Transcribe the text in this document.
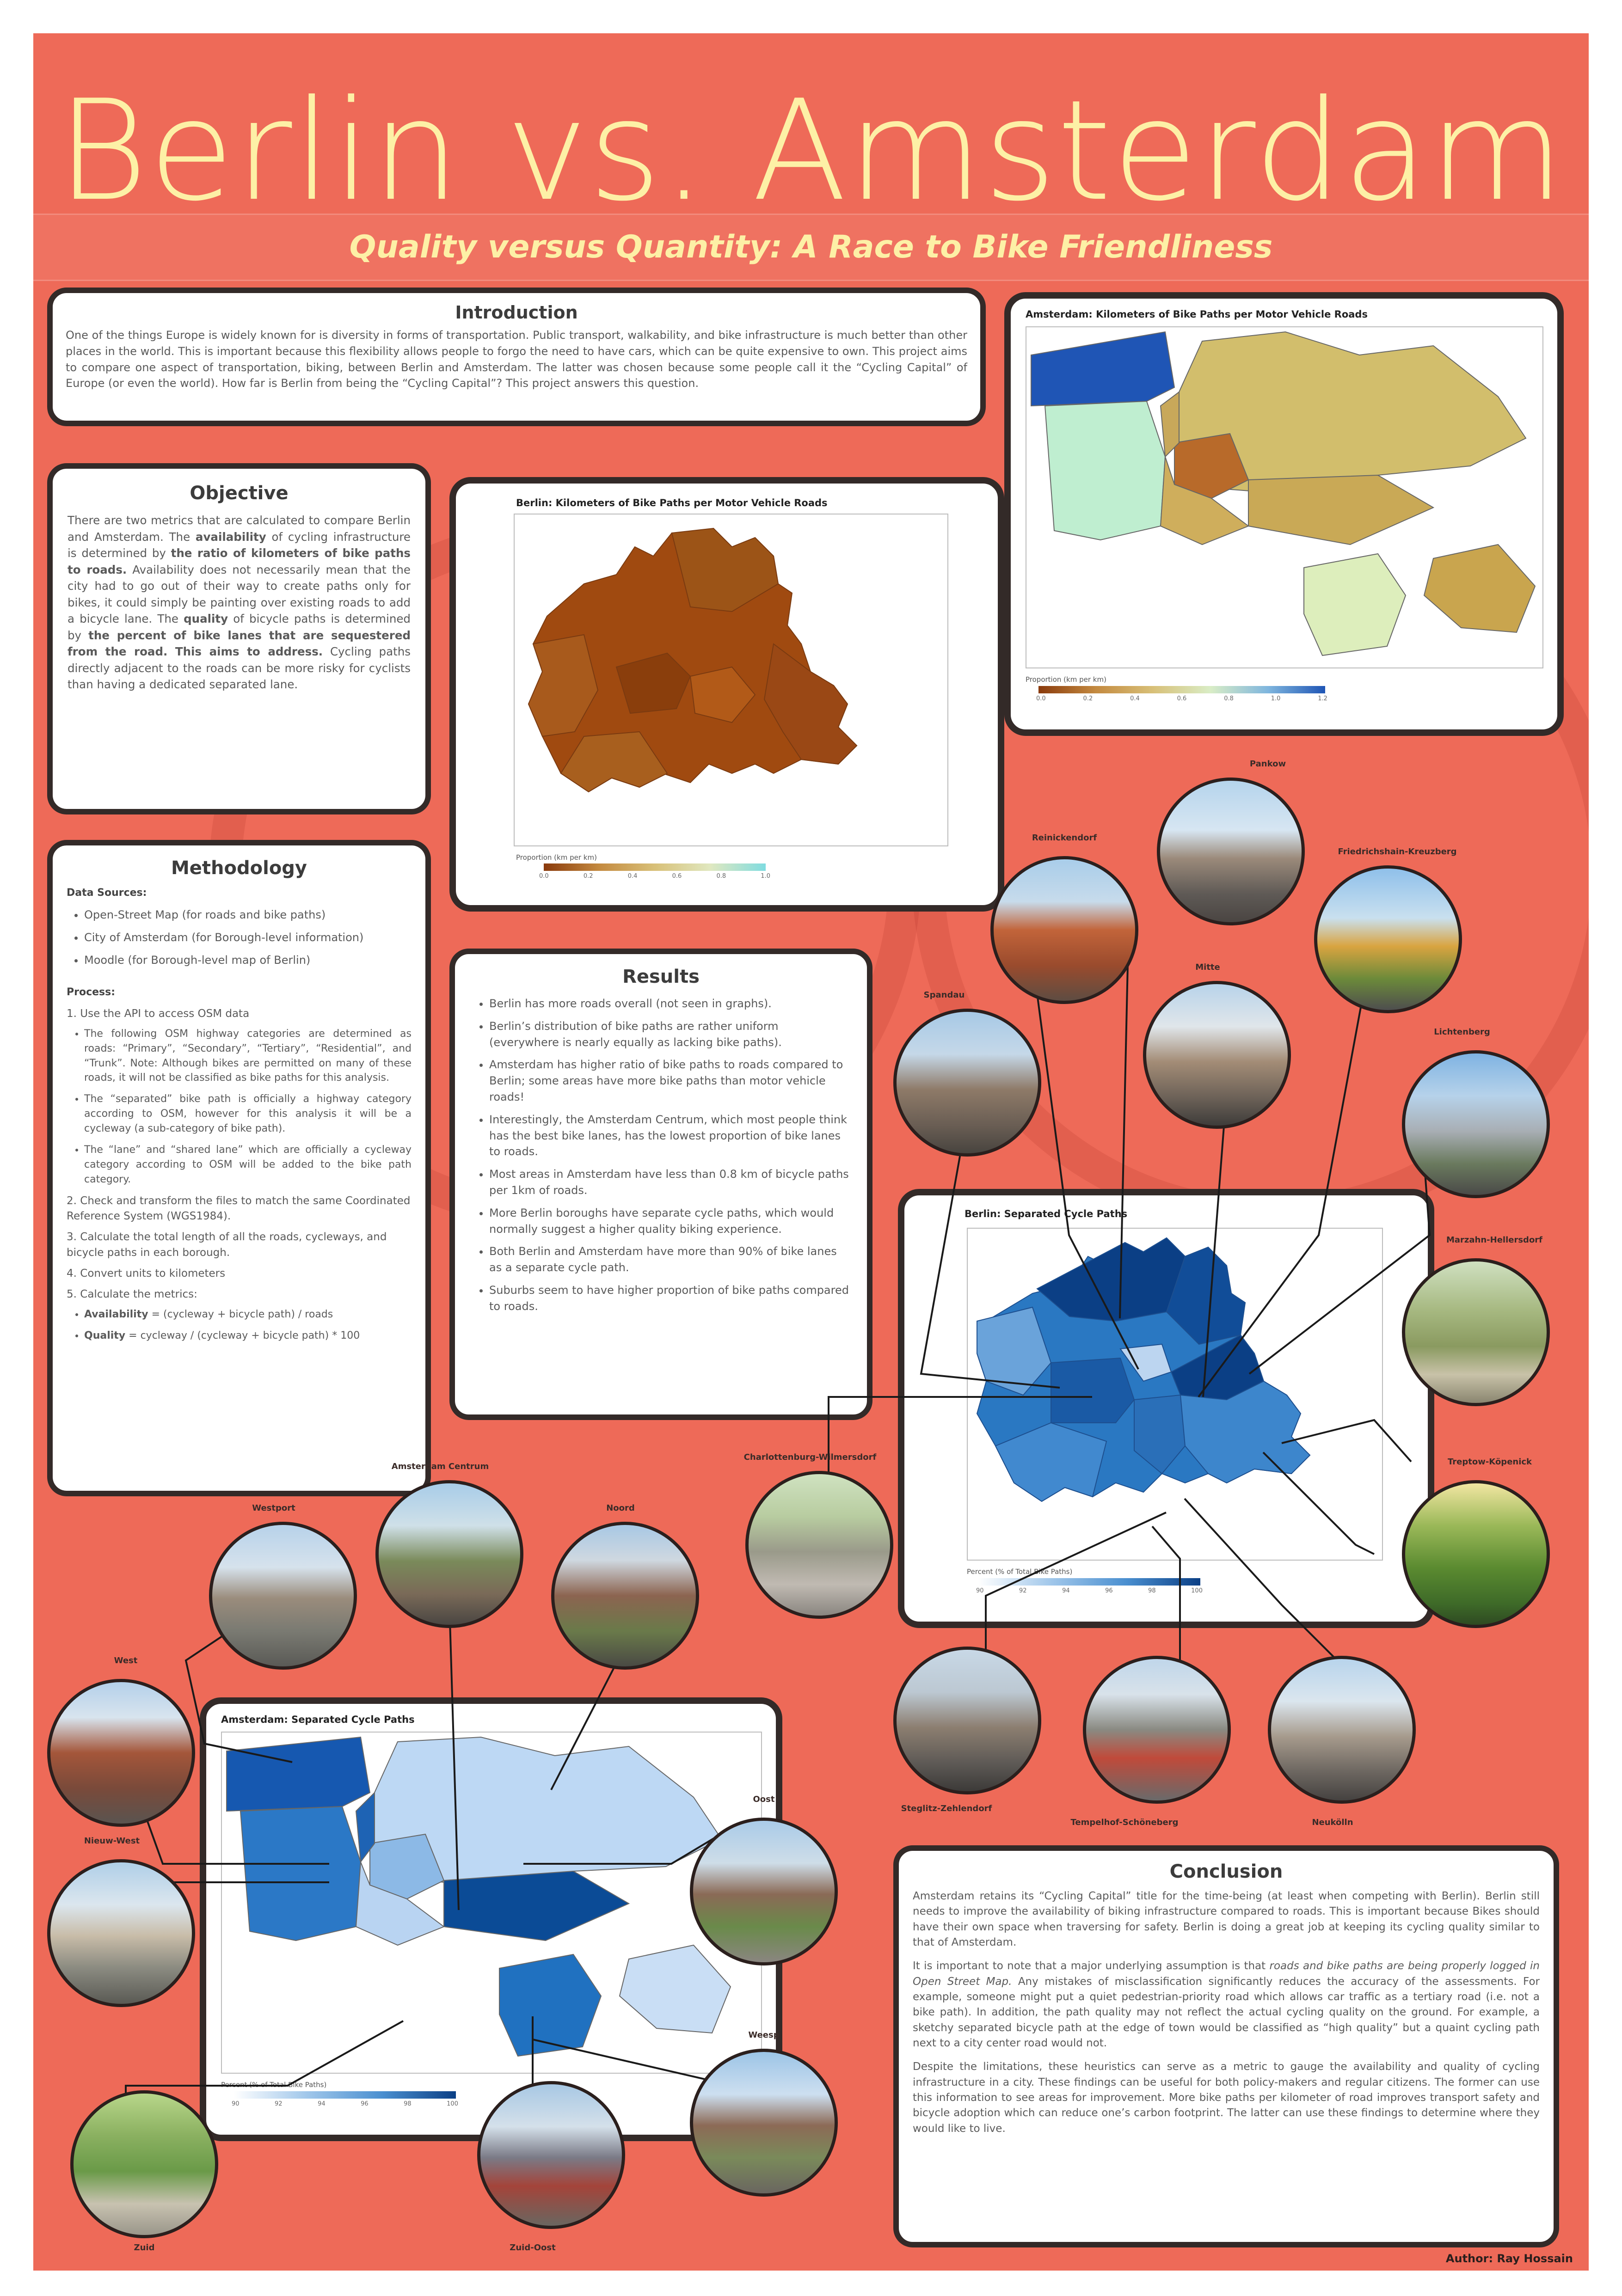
Berlin vs. Amsterdam
Quality versus Quantity: A Race to Bike Friendliness
Introduction

One of the things Europe is widely known for is diversity in forms of transportation. Public transport, walkability, and bike infrastructure is much better than other places in the world. This is important because this flexibility allows people to forgo the need to have cars, which can be quite expensive to own. This project aims to compare one aspect of transportation, biking, between Berlin and Amsterdam. The latter was chosen because some people call it the “Cycling Capital” of Europe (or even the world). How far is Berlin from being the “Cycling Capital”? This project answers this question.

Objective

There are two metrics that are calculated to compare Berlin and Amsterdam. The availability of cycling infrastructure is determined by the ratio of kilometers of bike paths to roads. Availability does not necessarily mean that the city had to go out of their way to create paths only for bikes, it could simply be painting over existing roads to add a bicycle lane. The quality of bicycle paths is determined by the percent of bike lanes that are sequestered from the road. This aims to address. Cycling paths directly adjacent to the roads can be more risky for cyclists than having a dedicated separated lane.

Methodology
Data Sources:
• Open-Street Map (for roads and bike paths)
• City of Amsterdam (for Borough-level information)
• Moodle (for Borough-level map of Berlin)
Process:

1. Use the API to access OSM data

• The following OSM highway categories are determined as roads: “Primary”, “Secondary”, “Tertiary”, “Residential”, and “Trunk”. Note: Although bikes are permitted on many of these roads, it will not be classified as bike paths for this analysis.
• The “separated” bike path is officially a highway category according to OSM, however for this analysis it will be a cycleway (a sub-category of bike path).
• The “lane” and “shared lane” which are officially a cycleway category according to OSM will be added to the bike path category.

2. Check and transform the files to match the same Coordinated Reference System (WGS1984).

3. Calculate the total length of all the roads, cycleways, and bicycle paths in each borough.

4. Convert units to kilometers

5. Calculate the metrics:

• Availability = (cycleway + bicycle path) / roads
• Quality = cycleway / (cycleway + bicycle path) * 100
Results
• Berlin has more roads overall (not seen in graphs).
• Berlin’s distribution of bike paths are rather uniform (everywhere is nearly equally as lacking bike paths).
• Amsterdam has higher ratio of bike paths to roads compared to Berlin; some areas have more bike paths than motor vehicle roads!
• Interestingly, the Amsterdam Centrum, which most people think has the best bike lanes, has the lowest proportion of bike lanes to roads.
• Most areas in Amsterdam have less than 0.8 km of bicycle paths per 1km of roads.
• More Berlin boroughs have separate cycle paths, which would normally suggest a higher quality biking experience.
• Both Berlin and Amsterdam have more than 90% of bike lanes as a separate cycle path.
• Suburbs seem to have higher proportion of bike paths compared to roads.
Conclusion

Amsterdam retains its “Cycling Capital” title for the time-being (at least when competing with Berlin). Berlin still needs to improve the availability of biking infrastructure compared to roads. This is important because Bikes should have their own space when traversing for safety. Berlin is doing a great job at keeping its cycling quality similar to that of Amsterdam.

It is important to note that a major underlying assumption is that roads and bike paths are being properly logged in Open Street Map. Any mistakes of misclassification significantly reduces the accuracy of the assessments. For example, someone might put a quiet pedestrian-priority road which allows car traffic as a tertiary road (i.e. not a bike path). In addition, the path quality may not reflect the actual cycling quality on the ground. For example, a sketchy separated bicycle path at the edge of town would be classified as “high quality” but a quaint cycling path next to a city center road would not.

Despite the limitations, these heuristics can serve as a metric to gauge the availability and quality of cycling infrastructure in a city. These findings can be useful for both policy-makers and regular citizens. The former can use this information to see areas for improvement. More bike paths per kilometer of road improves transport safety and bicycle adoption which can reduce one’s carbon footprint. The latter can use these findings to determine where they would like to live.

Berlin: Kilometers of Bike Paths per Motor Vehicle Roads
Proportion (km per km)
0.0	0.2	0.4	0.6	0.8	1.0
Amsterdam: Kilometers of Bike Paths per Motor Vehicle Roads
Proportion (km per km)
0.0	0.2	0.4	0.6	0.8	1.0	1.2
Berlin: Separated Cycle Paths
Percent (% of Total Bike Paths)
90	92	94	96	98	100
Amsterdam: Separated Cycle Paths
Percent (% of Total Bike Paths)
90	92	94	96	98	100
Pankow
Reinickendorf
Friedrichshain-Kreuzberg
Mitte
Spandau
Lichtenberg
Marzahn-Hellersdorf
Treptow-Köpenick
Charlottenburg-Wilmersdorf
Steglitz-Zehlendorf
Tempelhof-Schöneberg	Neukölln
Amsterdam Centrum
Westport	Noord
West
Oost
Nieuw-West
Weesp
Zuid	Zuid-Oost
Author: Ray Hossain
